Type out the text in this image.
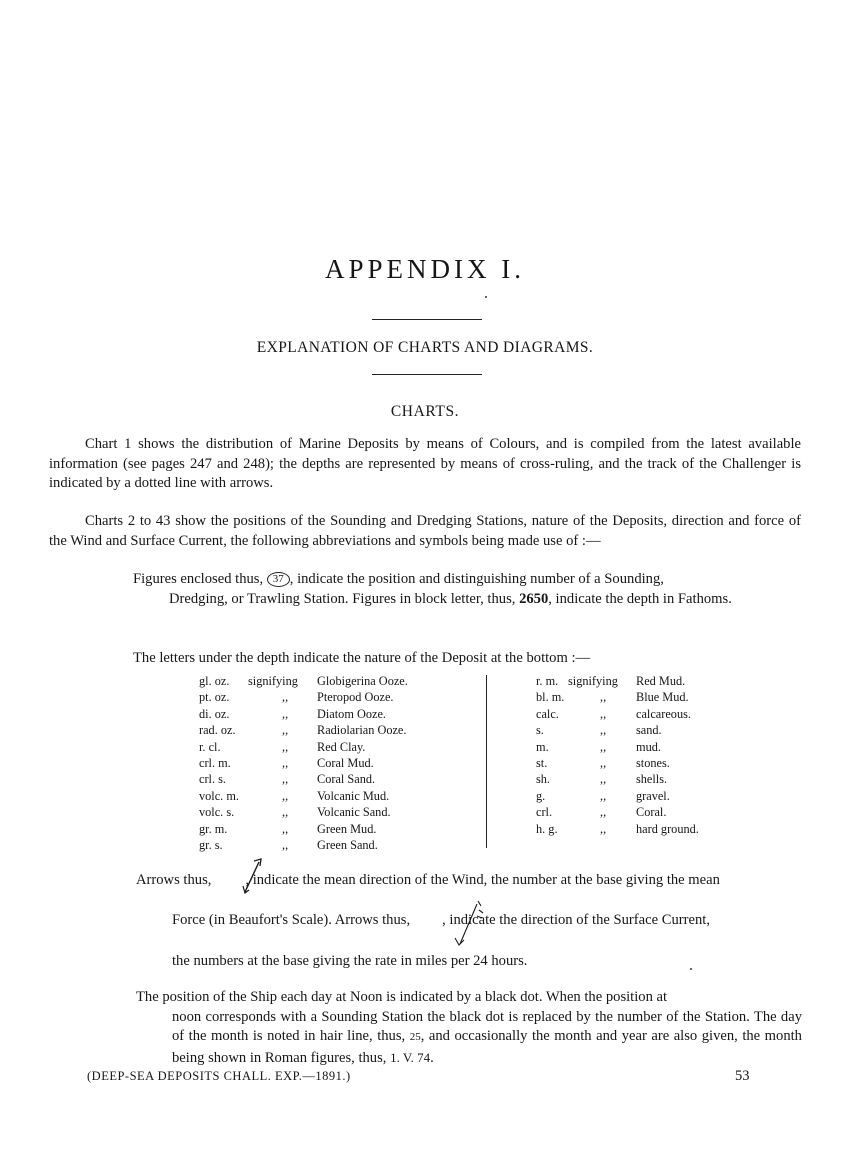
APPENDIX I.
EXPLANATION OF CHARTS AND DIAGRAMS.
CHARTS.
Chart 1 shows the distribution of Marine Deposits by means of Colours, and is compiled from the latest available information (see pages 247 and 248); the depths are represented by means of cross-ruling, and the track of the Challenger is indicated by a dotted line with arrows.
Charts 2 to 43 show the positions of the Sounding and Dredging Stations, nature of the Deposits, direction and force of the Wind and Surface Current, the following abbreviations and symbols being made use of :—
Figures enclosed thus, 37 , indicate the position and distinguishing number of a Sounding,
Dredging, or Trawling Station. Figures in block letter, thus, 2650, indicate the depth in Fathoms.
The letters under the depth indicate the nature of the Deposit at the bottom :—
gl. oz. signifying Globigerina Ooze.
pt. oz.	,, Pteropod Ooze.
di. oz.	,, Diatom Ooze.
rad. oz.	,, Radiolarian Ooze.
r. cl.	,, Red Clay.
crl. m.	,, Coral Mud.
crl. s.	,, Coral Sand.
volc. m.	,, Volcanic Mud.
volc. s.	,, Volcanic Sand.
gr. m.	,, Green Mud.
gr. s.	,, Green Sand.
r. m. signifying Red Mud.
bl. m.	,, Blue Mud.
calc.	,, calcareous.
s.	,, sand.
m.	,, mud.
st.	,, stones.
sh.	,, shells.
g.	,, gravel.
crl.	,, Coral.
h. g.	,, hard ground.
Arrows thus, , indicate the mean direction of the Wind, the number at the base giving the mean
Force (in Beaufort's Scale). Arrows thus, , indicate the direction of the Surface Current,
the numbers at the base giving the rate in miles per 24 hours.
The position of the Ship each day at Noon is indicated by a black dot. When the position at
noon corresponds with a Sounding Station the black dot is replaced by the number of the Station. The day of the month is noted in hair line, thus, 25, and occasionally the month and year are also given, the month being shown in Roman figures, thus, 1. V. 74.
(DEEP-SEA DEPOSITS CHALL. EXP.—1891.)	53
